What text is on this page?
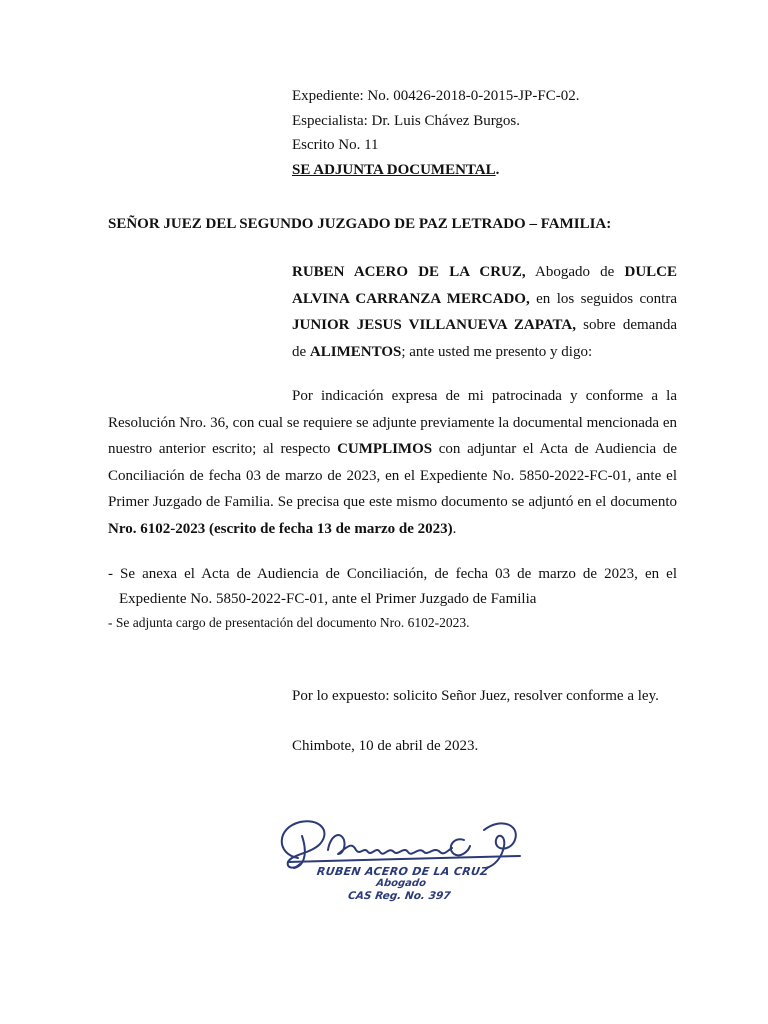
Expediente: No. 00426-2018-0-2015-JP-FC-02.
Especialista: Dr. Luis Chávez Burgos.
Escrito No. 11
SE ADJUNTA DOCUMENTAL.
SEÑOR JUEZ DEL SEGUNDO JUZGADO DE PAZ LETRADO – FAMILIA:
RUBEN ACERO DE LA CRUZ, Abogado de DULCE ALVINA CARRANZA MERCADO, en los seguidos contra JUNIOR JESUS VILLANUEVA ZAPATA, sobre demanda de ALIMENTOS; ante usted me presento y digo:
Por indicación expresa de mi patrocinada y conforme a la Resolución Nro. 36, con cual se requiere se adjunte previamente la documental mencionada en nuestro anterior escrito; al respecto CUMPLIMOS con adjuntar el Acta de Audiencia de Conciliación de fecha 03 de marzo de 2023, en el Expediente No. 5850-2022-FC-01, ante el Primer Juzgado de Familia. Se precisa que este mismo documento se adjuntó en el documento Nro. 6102-2023 (escrito de fecha 13 de marzo de 2023).
- Se anexa el Acta de Audiencia de Conciliación, de fecha 03 de marzo de 2023, en el Expediente No. 5850-2022-FC-01, ante el Primer Juzgado de Familia
- Se adjunta cargo de presentación del documento Nro. 6102-2023.
Por lo expuesto: solicito Señor Juez, resolver conforme a ley.
Chimbote, 10 de abril de 2023.
RUBEN ACERO DE LA CRUZ
Abogado
CAS Reg. No. 397
